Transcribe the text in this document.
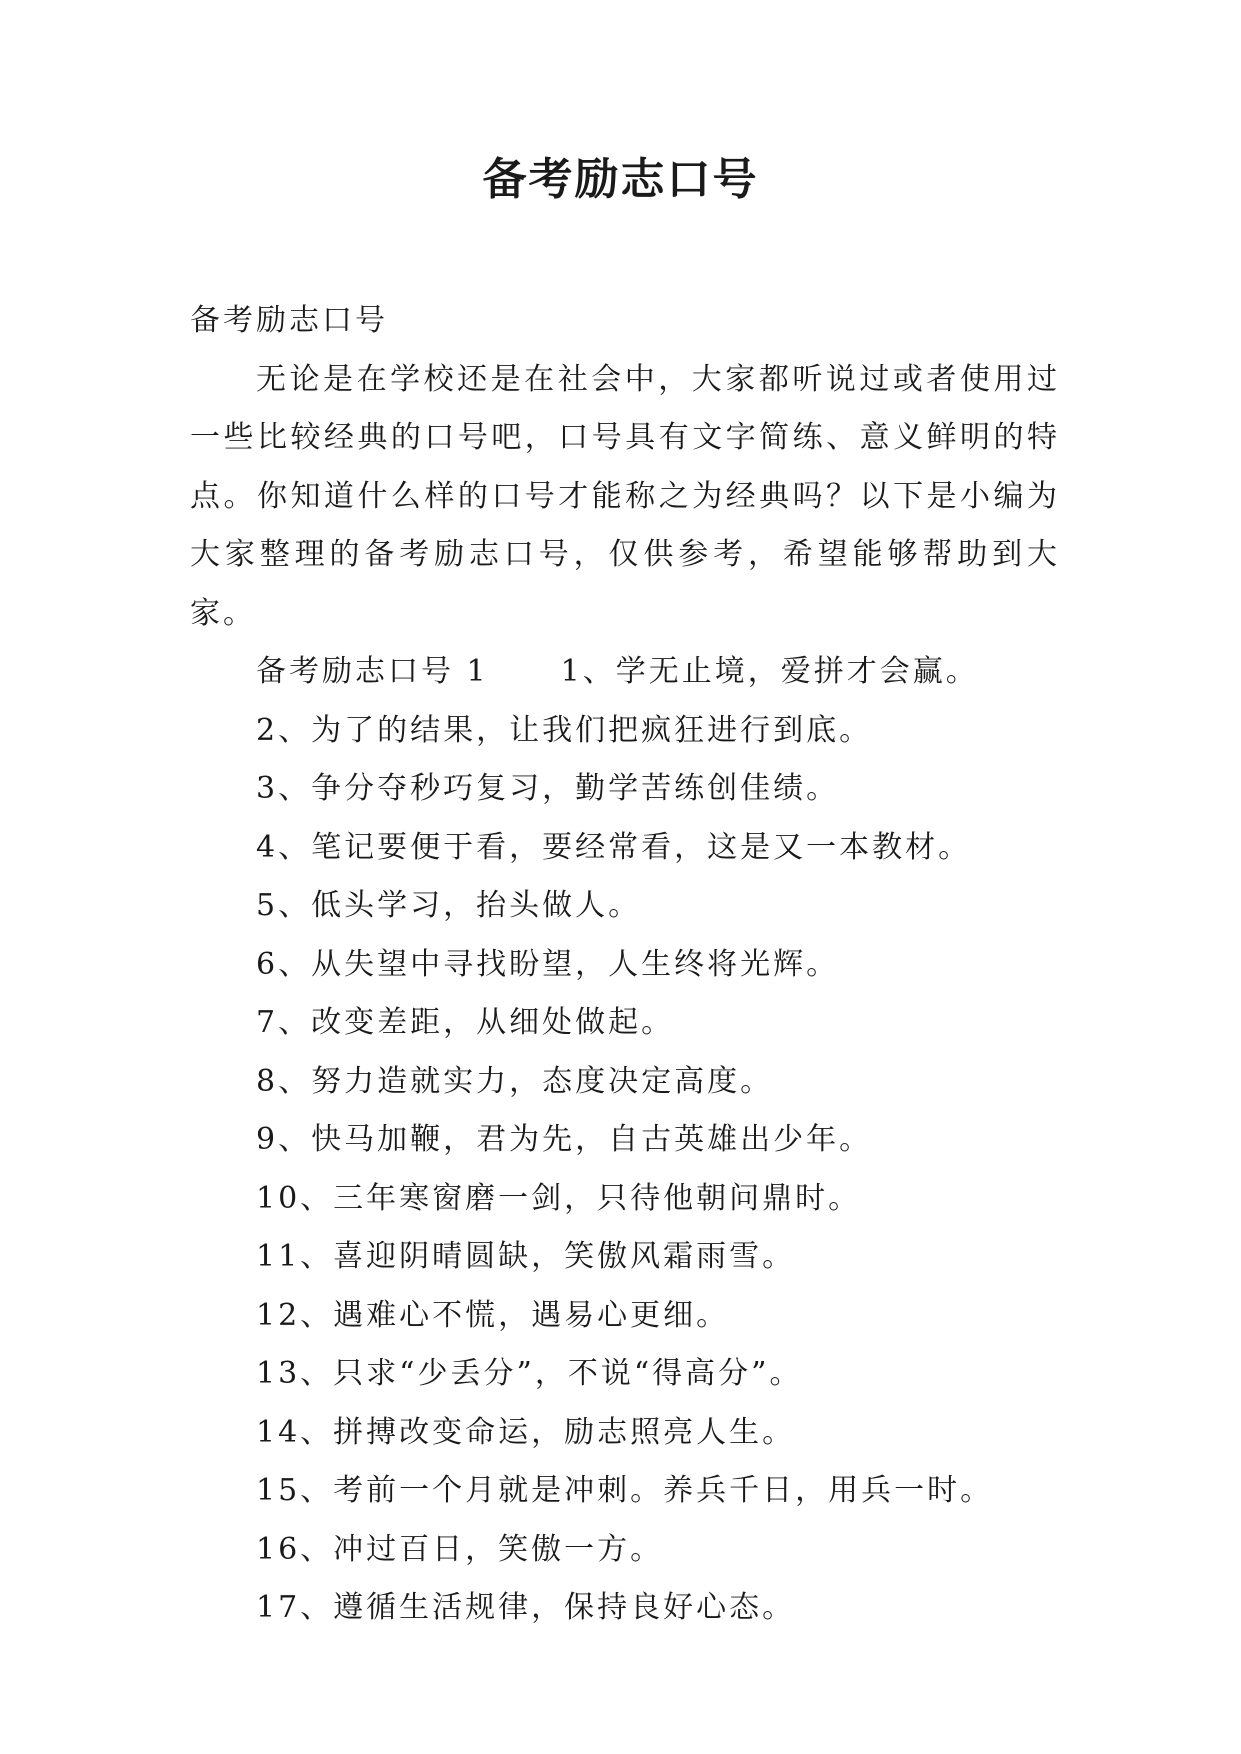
备考励志口号

备考励志口号

无论是在学校还是在社会中，大家都听说过或者使用过一些比较经典的口号吧，口号具有文字简练、意义鲜明的特点。你知道什么样的口号才能称之为经典吗？以下是小编为大家整理的备考励志口号，仅供参考，希望能够帮助到大家。

备考励志口号 1 1、学无止境，爱拼才会赢。
2、为了的结果，让我们把疯狂进行到底。
3、争分夺秒巧复习，勤学苦练创佳绩。
4、笔记要便于看，要经常看，这是又一本教材。
5、低头学习，抬头做人。
6、从失望中寻找盼望，人生终将光辉。
7、改变差距，从细处做起。
8、努力造就实力，态度决定高度。
9、快马加鞭，君为先，自古英雄出少年。
10、三年寒窗磨一剑，只待他朝问鼎时。
11、喜迎阴晴圆缺，笑傲风霜雨雪。
12、遇难心不慌，遇易心更细。
13、只求“少丢分”，不说“得高分”。
14、拼搏改变命运，励志照亮人生。
15、考前一个月就是冲刺。养兵千日，用兵一时。
16、冲过百日，笑傲一方。
17、遵循生活规律，保持良好心态。
